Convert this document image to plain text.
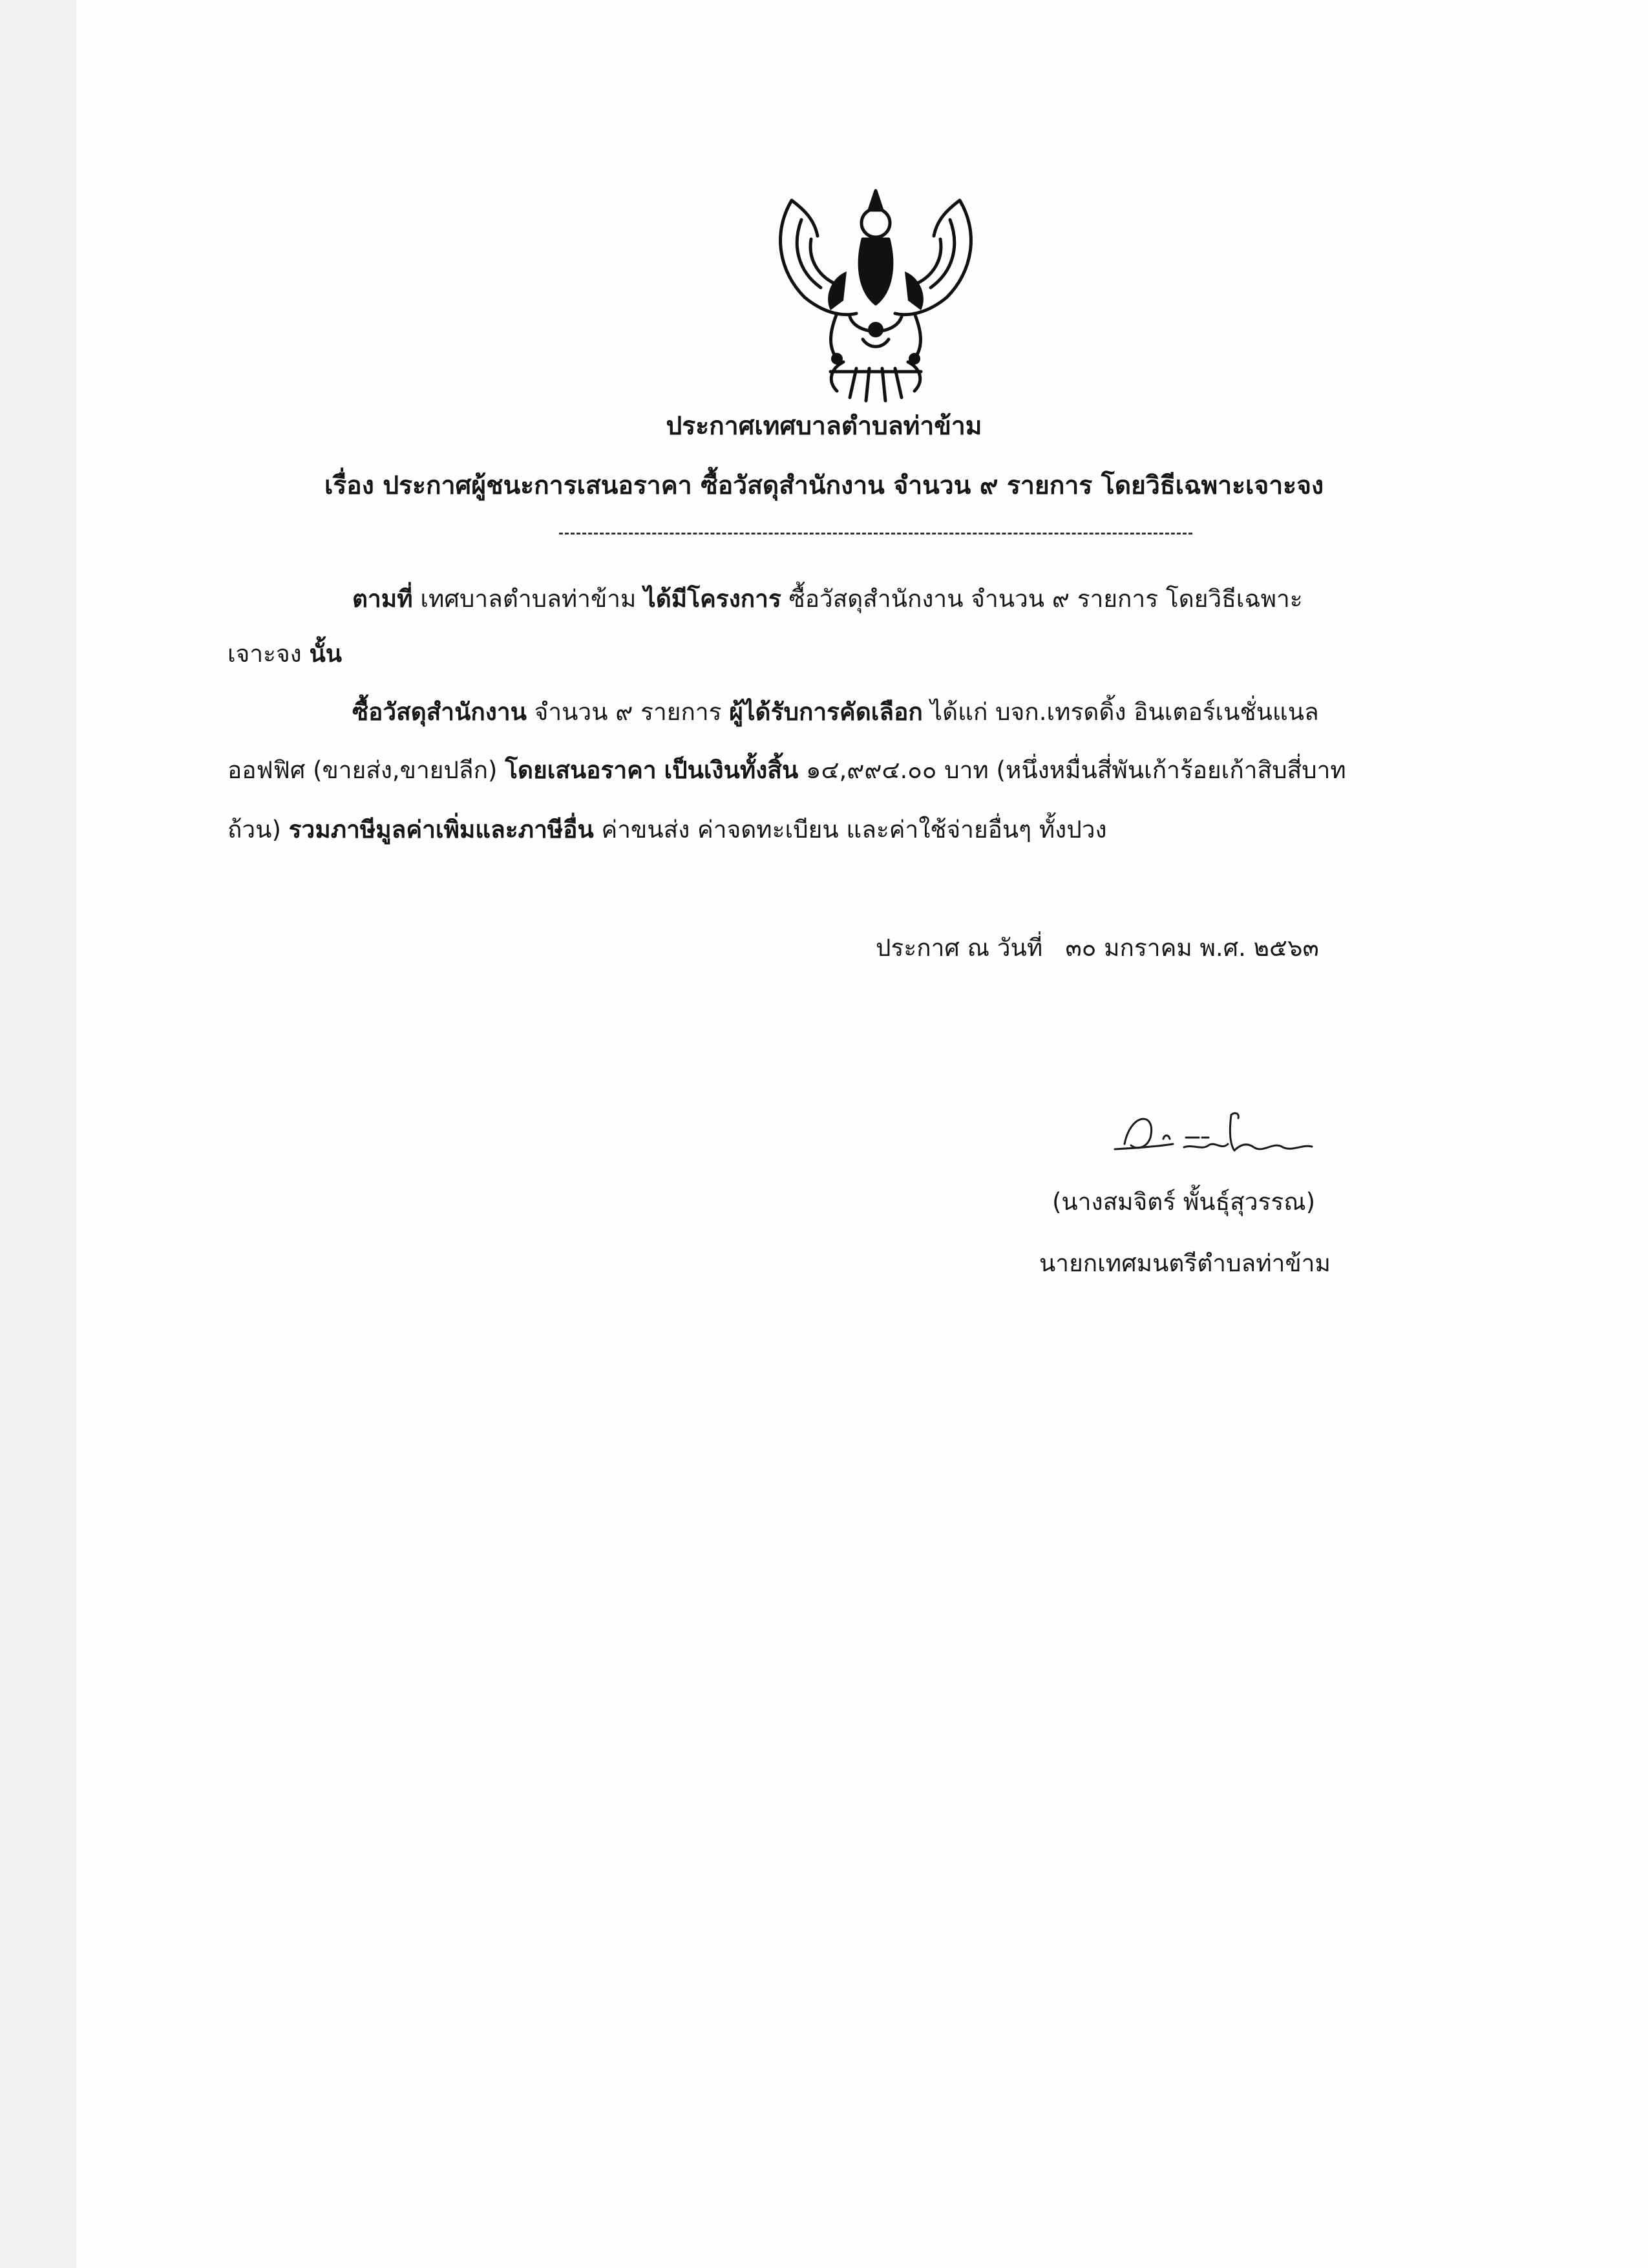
ประกาศเทศบาลตำบลท่าข้าม
เรื่อง ประกาศผู้ชนะการเสนอราคา ซื้อวัสดุสำนักงาน จำนวน ๙ รายการ โดยวิธีเฉพาะเจาะจง
ตามที่ เทศบาลตำบลท่าข้าม ได้มีโครงการ ซื้อวัสดุสำนักงาน จำนวน ๙ รายการ โดยวิธีเฉพาะ
เจาะจง นั้น
ซื้อวัสดุสำนักงาน จำนวน ๙ รายการ ผู้ได้รับการคัดเลือก ได้แก่ บจก.เทรดดิ้ง อินเตอร์เนชั่นแนล
ออฟฟิศ (ขายส่ง,ขายปลีก) โดยเสนอราคา เป็นเงินทั้งสิ้น ๑๔,๙๙๔.๐๐ บาท (หนึ่งหมื่นสี่พันเก้าร้อยเก้าสิบสี่บาท
ถ้วน) รวมภาษีมูลค่าเพิ่มและภาษีอื่น ค่าขนส่ง ค่าจดทะเบียน และค่าใช้จ่ายอื่นๆ ทั้งปวง
ประกาศ ณ วันที่   ๓๐ มกราคม พ.ศ. ๒๕๖๓
(นางสมจิตร์ พั้นธุ์สุวรรณ)
นายกเทศมนตรีตำบลท่าข้าม
